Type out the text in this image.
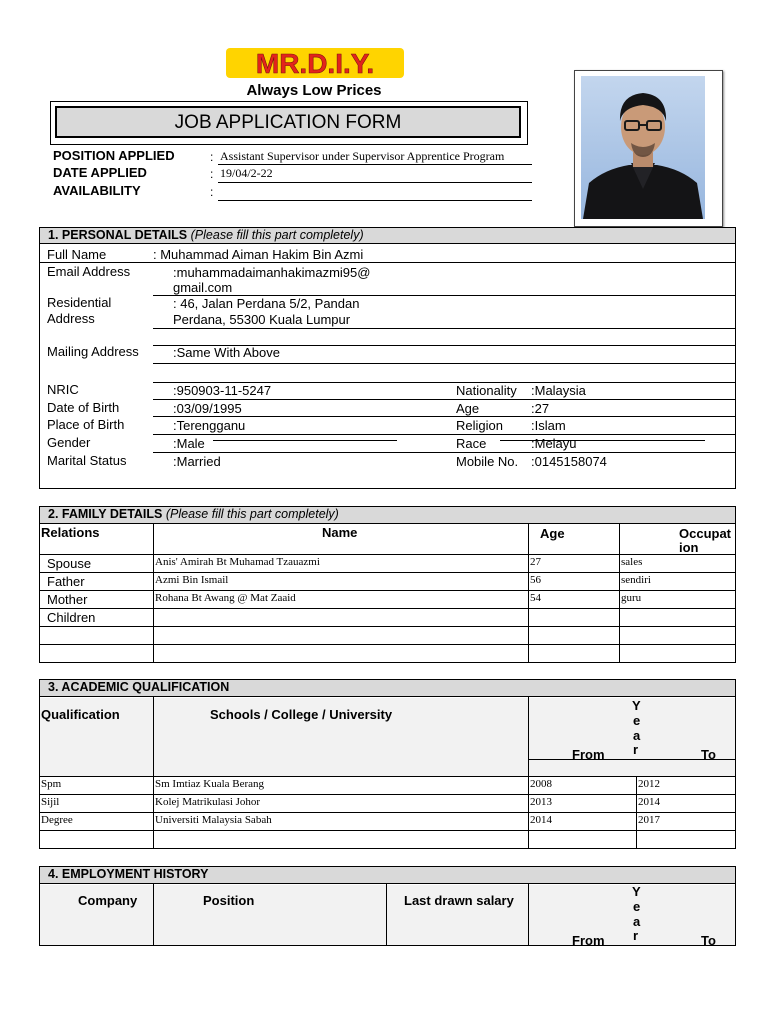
MR.D.I.Y.
Always Low Prices
JOB APPLICATION FORM
POSITION APPLIED	: Assistant Supervisor under Supervisor Apprentice Program
DATE APPLIED	: 19/04/2-22
AVAILABILITY	:
1. PERSONAL DETAILS (Please fill this part completely)
Full Name	: Muhammad Aiman Hakim Bin Azmi
Email Address	:muhammadaimanhakimazmi95@
gmail.com
Residential
Address
: 46, Jalan Perdana 5/2, Pandan
Perdana, 55300 Kuala Lumpur
Mailing Address	:Same With Above
NRIC	:950903-11-5247	Nationality :Malaysia
Date of Birth	:03/09/1995	Age	:27
Place of Birth	:Terengganu	Religion :Islam
Gender	:Male	Race	:Melayu
Marital Status	:Married	Mobile No. :0145158074
2. FAMILY DETAILS (Please fill this part completely)
Relations	Name	Age	Occupat
ion
Spouse	Anis' Amirah Bt Muhamad Tzauazmi	27	sales
Father	Azmi Bin Ismail	56	sendiri
Mother	Rohana Bt Awang @ Mat Zaaid	54	guru
Children
3. ACADEMIC QUALIFICATION
Qualification	Schools / College / University
Y
e
a
r
From	To
Spm	Sm Imtiaz Kuala Berang	2008	2012
Sijil	Kolej Matrikulasi Johor	2013	2014
Degree	Universiti Malaysia Sabah	2014	2017
4. EMPLOYMENT HISTORY
Company	Position	Last drawn salary
Y
e
a
r
From	To
